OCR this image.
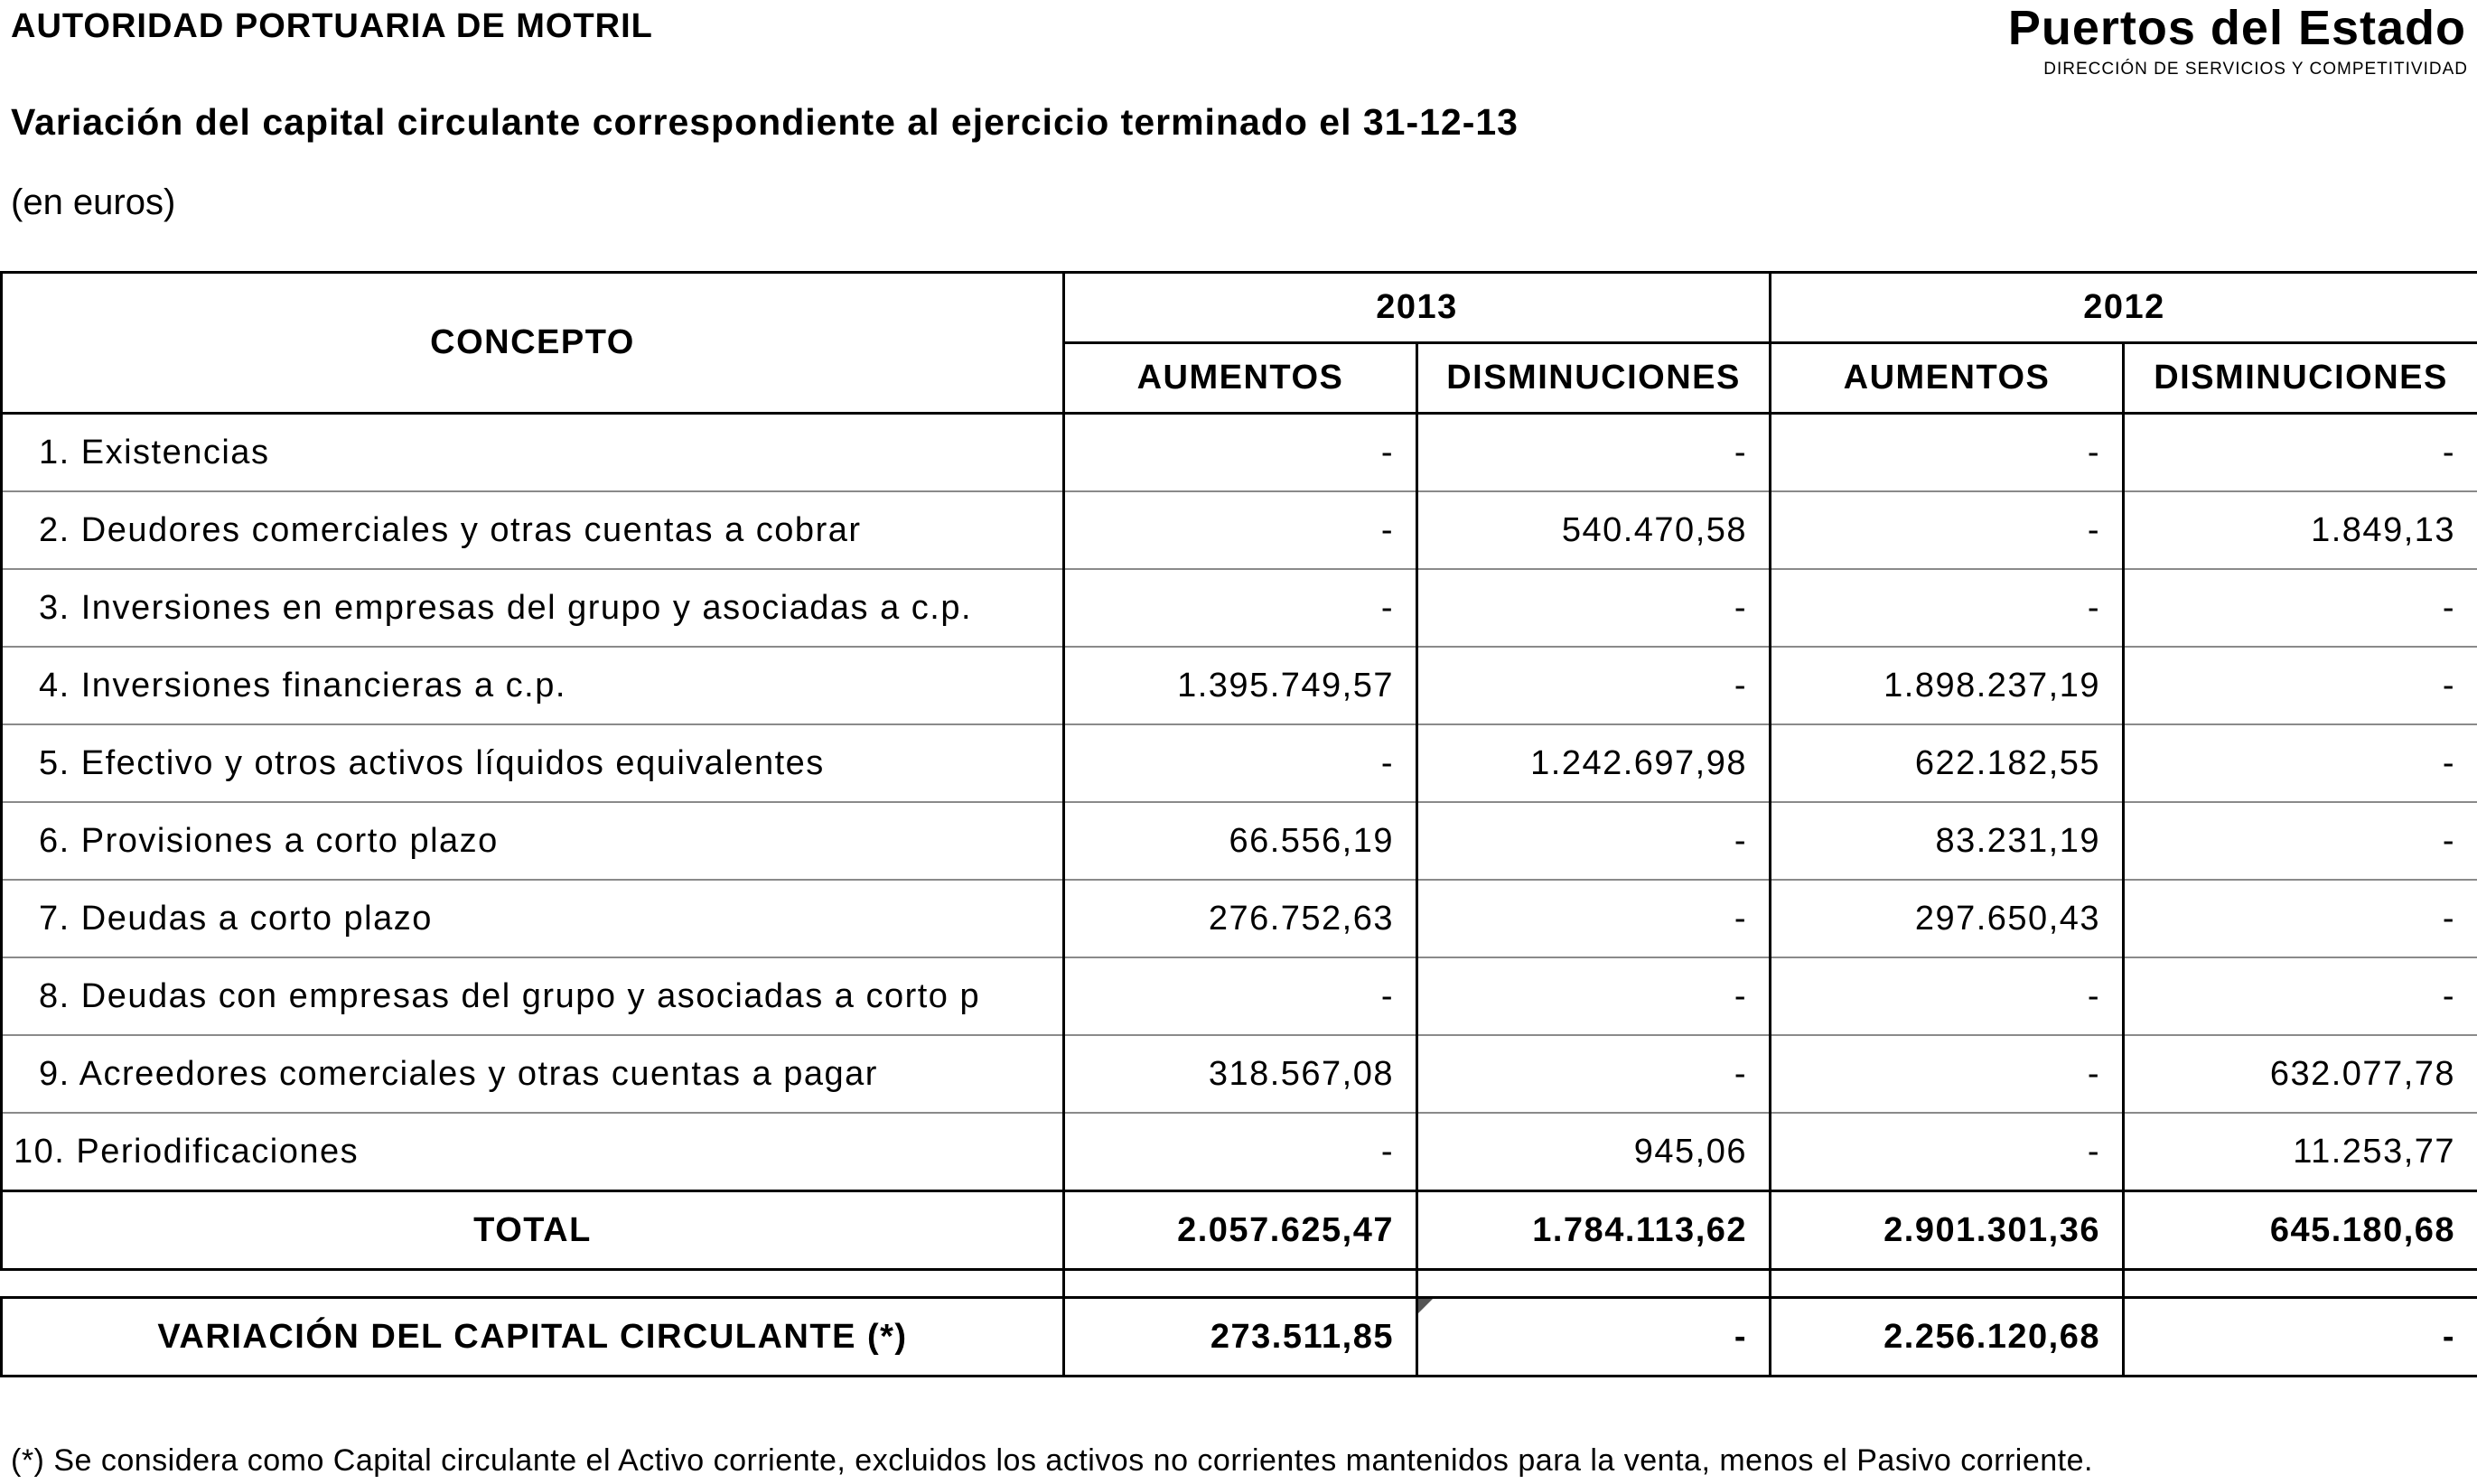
AUTORIDAD PORTUARIA DE MOTRIL	Puertos del Estado
DIRECCIÓN DE SERVICIOS Y COMPETITIVIDAD
Variación del capital circulante correspondiente al ejercicio terminado el 31-12-13
(en euros)
CONCEPTO	2013		2012	
	AUMENTOS	DISMINUCIONES	AUMENTOS	DISMINUCIONES
1. Existencias	-	-	-	-
2. Deudores comerciales y otras cuentas a cobrar	-	540.470,58	-	1.849,13
3. Inversiones en empresas del grupo y asociadas a c.p.	-	-	-	-
4. Inversiones financieras a c.p.	1.395.749,57	-	1.898.237,19	-
5. Efectivo y otros activos líquidos equivalentes	-	1.242.697,98	622.182,55	-
6. Provisiones a corto plazo	66.556,19	-	83.231,19	-
7. Deudas a corto plazo	276.752,63	-	297.650,43	-
8. Deudas con empresas del grupo y asociadas a corto p	-	-	-	-
9. Acreedores comerciales y otras cuentas a pagar	318.567,08	-	-	632.077,78
10. Periodificaciones	-	945,06	-	11.253,77
TOTAL	2.057.625,47	1.784.113,62	2.901.301,36	645.180,68

VARIACIÓN DEL CAPITAL CIRCULANTE (*)	273.511,85	-	2.256.120,68	-
(*) Se considera como Capital circulante el Activo corriente, excluidos los activos no corrientes mantenidos para la venta, menos el Pasivo corriente.
